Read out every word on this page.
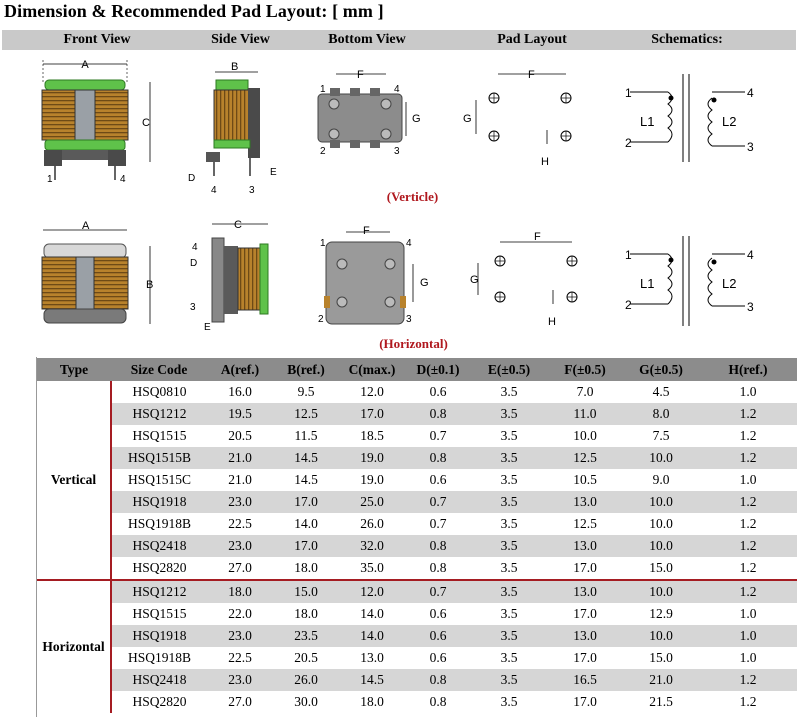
Dimension & Recommended Pad Layout: [ mm ]
Front View	Side View	Bottom View	Pad Layout	Schematics:
A
C
1	4
B
D
E
4	3
F
G
1	4
2	3
F
G
H
1
2
4
3
L1	L2
A
B
C
4
D
3
E
F
G
1	4
2	3
F
G
H
1
2
4
3
L1	L2
(Verticle)
(Horizontal)
Type	Size Code	A(ref.)	B(ref.)	C(max.)	D(±0.1)	E(±0.5)	F(±0.5)	G(±0.5)	H(ref.)
Vertical	HSQ0810	16.0	9.5	12.0	0.6	3.5	7.0	4.5	1.0
	HSQ1212	19.5	12.5	17.0	0.8	3.5	11.0	8.0	1.2
	HSQ1515	20.5	11.5	18.5	0.7	3.5	10.0	7.5	1.2
	HSQ1515B	21.0	14.5	19.0	0.8	3.5	12.5	10.0	1.2
	HSQ1515C	21.0	14.5	19.0	0.6	3.5	10.5	9.0	1.0
	HSQ1918	23.0	17.0	25.0	0.7	3.5	13.0	10.0	1.2
	HSQ1918B	22.5	14.0	26.0	0.7	3.5	12.5	10.0	1.2
	HSQ2418	23.0	17.0	32.0	0.8	3.5	13.0	10.0	1.2
	HSQ2820	27.0	18.0	35.0	0.8	3.5	17.0	15.0	1.2
Horizontal	HSQ1212	18.0	15.0	12.0	0.7	3.5	13.0	10.0	1.2
	HSQ1515	22.0	18.0	14.0	0.6	3.5	17.0	12.9	1.0
	HSQ1918	23.0	23.5	14.0	0.6	3.5	13.0	10.0	1.0
	HSQ1918B	22.5	20.5	13.0	0.6	3.5	17.0	15.0	1.0
	HSQ2418	23.0	26.0	14.5	0.8	3.5	16.5	21.0	1.2
	HSQ2820	27.0	30.0	18.0	0.8	3.5	17.0	21.5	1.2
